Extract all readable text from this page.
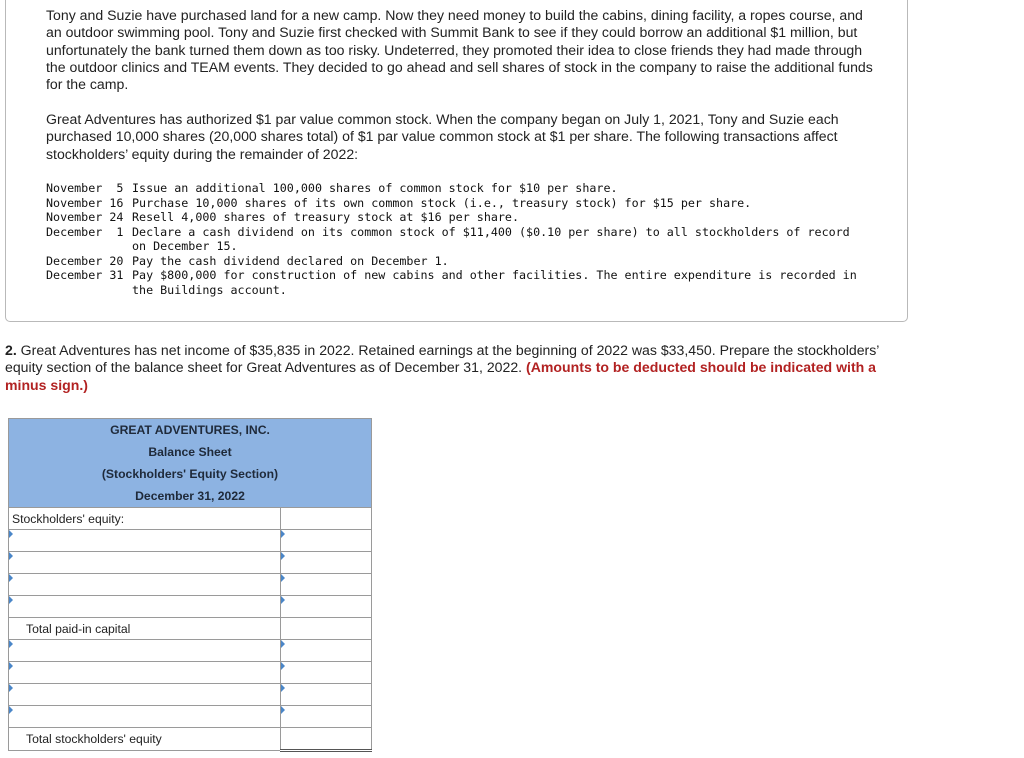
Tony and Suzie have purchased land for a new camp. Now they need money to build the cabins, dining facility, a ropes course, and an outdoor swimming pool. Tony and Suzie first checked with Summit Bank to see if they could borrow an additional $1 million, but unfortunately the bank turned them down as too risky. Undeterred, they promoted their idea to close friends they had made through the outdoor clinics and TEAM events. They decided to go ahead and sell shares of stock in the company to raise the additional funds for the camp.

Great Adventures has authorized $1 par value common stock. When the company began on July 1, 2021, Tony and Suzie each purchased 10,000 shares (20,000 shares total) of $1 par value common stock at $1 per share. The following transactions affect stockholders’ equity during the remainder of 2022:

November  5 Issue an additional 100,000 shares of common stock for $10 per share.
November 16 Purchase 10,000 shares of its own common stock (i.e., treasury stock) for $15 per share.
November 24 Resell 4,000 shares of treasury stock at $16 per share.
December  1 Declare a cash dividend on its common stock of $11,400 ($0.10 per share) to all stockholders of record on December 15.
December 20 Pay the cash dividend declared on December 1.
December 31 Pay $800,000 for construction of new cabins and other facilities. The entire expenditure is recorded in the Buildings account.

2. Great Adventures has net income of $35,835 in 2022. Retained earnings at the beginning of 2022 was $33,450. Prepare the stockholders’ equity section of the balance sheet for Great Adventures as of December 31, 2022. (Amounts to be deducted should be indicated with a minus sign.)

GREAT ADVENTURES, INC.	
Balance Sheet	
(Stockholders' Equity Section)	
December 31, 2022	
Stockholders' equity:	

Total paid-in capital	

Total stockholders' equity	
